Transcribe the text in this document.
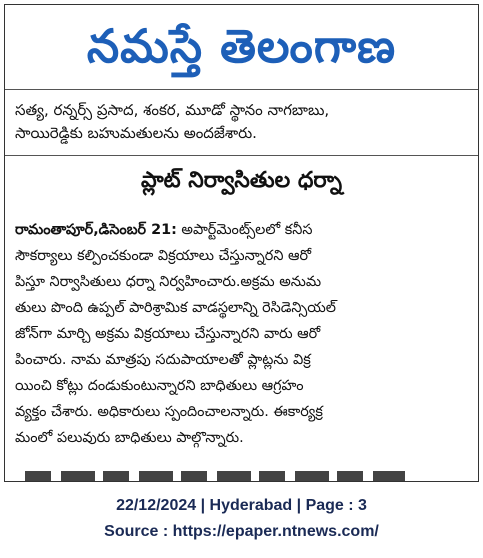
నమస్తే తెలంగాణ

సత్య, రన్నర్స్ ప్రసాద, శంకర, మూడో స్థానం నాగబాబు,

సాయిరెడ్డికు బహుమతులను అందజేశారు.

ప్లాట్ నిర్వాసితుల ధర్నా

రామంతాపూర్,డిసెంబర్ 21: అపార్ట్‌మెంట్స్‌లలో కనీస

సౌకర్యాలు కల్పించకుండా విక్రయాలు చేస్తున్నారని ఆరో

పిస్తూ నిర్వాసితులు ధర్నా నిర్వహించారు.అక్రమ అనుమ

తులు పొంది ఉప్పల్ పారిశ్రామిక వాడస్థలాన్ని రెసిడెన్సియల్

జోన్‌గా మార్చి అక్రమ విక్రయాలు చేస్తున్నారని వారు ఆరో

పించారు. నామ మాత్రపు సదుపాయాలతో ప్లాట్లను విక్ర

యించి కోట్లు దండుకుంటున్నారని బాధితులు ఆగ్రహం

వ్యక్తం చేశారు. అధికారులు స్పందించాలన్నారు. ఈకార్యక్ర

మంలో పలువురు బాధితులు పాల్గొన్నారు.

22/12/2024 | Hyderabad | Page : 3
Source : https://epaper.ntnews.com/
